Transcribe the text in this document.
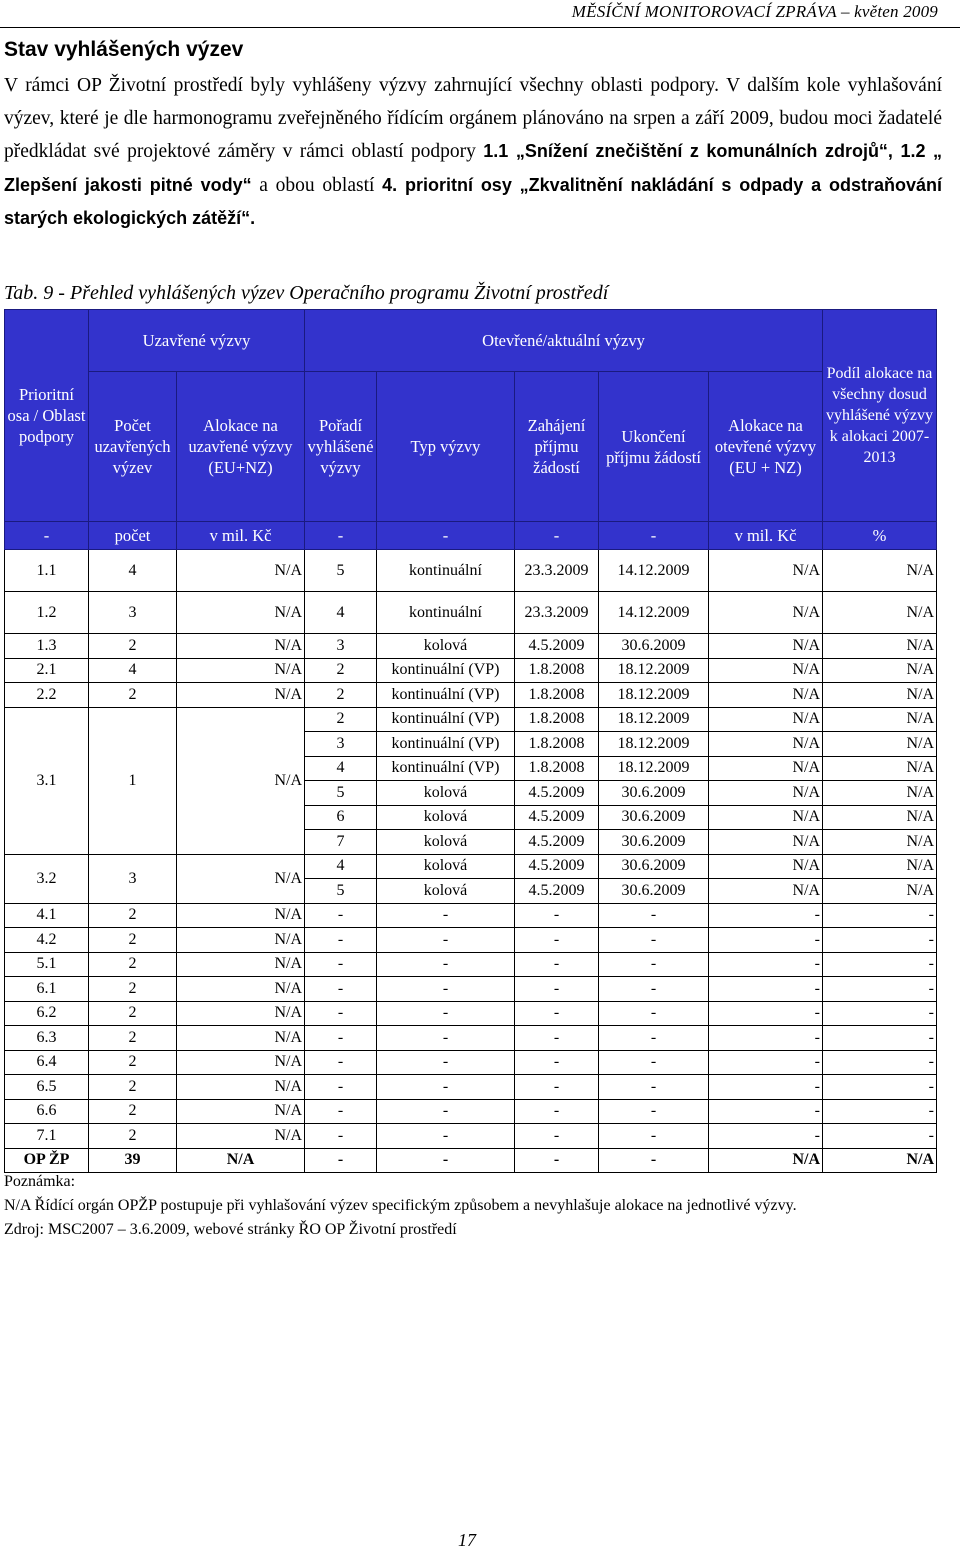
MĚSÍČNÍ MONITOROVACÍ ZPRÁVA – květen 2009
Stav vyhlášených výzev
V rámci OP Životní prostředí byly vyhlášeny výzvy zahrnující všechny oblasti podpory. V dalším kole vyhlašování výzev, které je dle harmonogramu zveřejněného řídícím orgánem plánováno na srpen a září 2009, budou moci žadatelé předkládat své projektové záměry v rámci oblastí podpory 1.1 „Snížení znečištění z komunálních zdrojů“, 1.2 „ Zlepšení jakosti pitné vody“ a obou oblastí 4. prioritní osy „Zkvalitnění nakládání s odpady a odstraňování starých ekologických zátěží“.
Tab. 9 - Přehled vyhlášených výzev Operačního programu Životní prostředí
Prioritní osa / Oblast podpory	Uzavřené výzvy		Otevřené/aktuální výzvy					Podíl alokace na všechny dosud vyhlášené výzvy k alokaci 2007-2013
	Počet uzavřených výzev	Alokace na uzavřené výzvy (EU+NZ)	Pořadí vyhlášené výzvy	Typ výzvy	Zahájení příjmu žádostí	Ukončení příjmu žádostí	Alokace na otevřené výzvy (EU + NZ)	
-	počet	v mil. Kč	-	-	-	-	v mil. Kč	%
1.1	4	N/A	5	kontinuální	23.3.2009	14.12.2009	N/A	N/A
1.2	3	N/A	4	kontinuální	23.3.2009	14.12.2009	N/A	N/A
1.3	2	N/A	3	kolová	4.5.2009	30.6.2009	N/A	N/A
2.1	4	N/A	2	kontinuální (VP)	1.8.2008	18.12.2009	N/A	N/A
2.2	2	N/A	2	kontinuální (VP)	1.8.2008	18.12.2009	N/A	N/A
3.1	1	N/A	2	kontinuální (VP)	1.8.2008	18.12.2009	N/A	N/A
			3	kontinuální (VP)	1.8.2008	18.12.2009	N/A	N/A
			4	kontinuální (VP)	1.8.2008	18.12.2009	N/A	N/A
			5	kolová	4.5.2009	30.6.2009	N/A	N/A
			6	kolová	4.5.2009	30.6.2009	N/A	N/A
			7	kolová	4.5.2009	30.6.2009	N/A	N/A
3.2	3	N/A	4	kolová	4.5.2009	30.6.2009	N/A	N/A
			5	kolová	4.5.2009	30.6.2009	N/A	N/A
4.1	2	N/A	-	-	-	-	-	-
4.2	2	N/A	-	-	-	-	-	-
5.1	2	N/A	-	-	-	-	-	-
6.1	2	N/A	-	-	-	-	-	-
6.2	2	N/A	-	-	-	-	-	-
6.3	2	N/A	-	-	-	-	-	-
6.4	2	N/A	-	-	-	-	-	-
6.5	2	N/A	-	-	-	-	-	-
6.6	2	N/A	-	-	-	-	-	-
7.1	2	N/A	-	-	-	-	-	-
OP ŽP	39	N/A	-	-	-	-	N/A	N/A
Poznámka:
N/A Řídící orgán OPŽP postupuje při vyhlašování výzev specifickým způsobem a nevyhlašuje alokace na jednotlivé výzvy.
Zdroj: MSC2007 – 3.6.2009, webové stránky ŘO OP Životní prostředí
17
